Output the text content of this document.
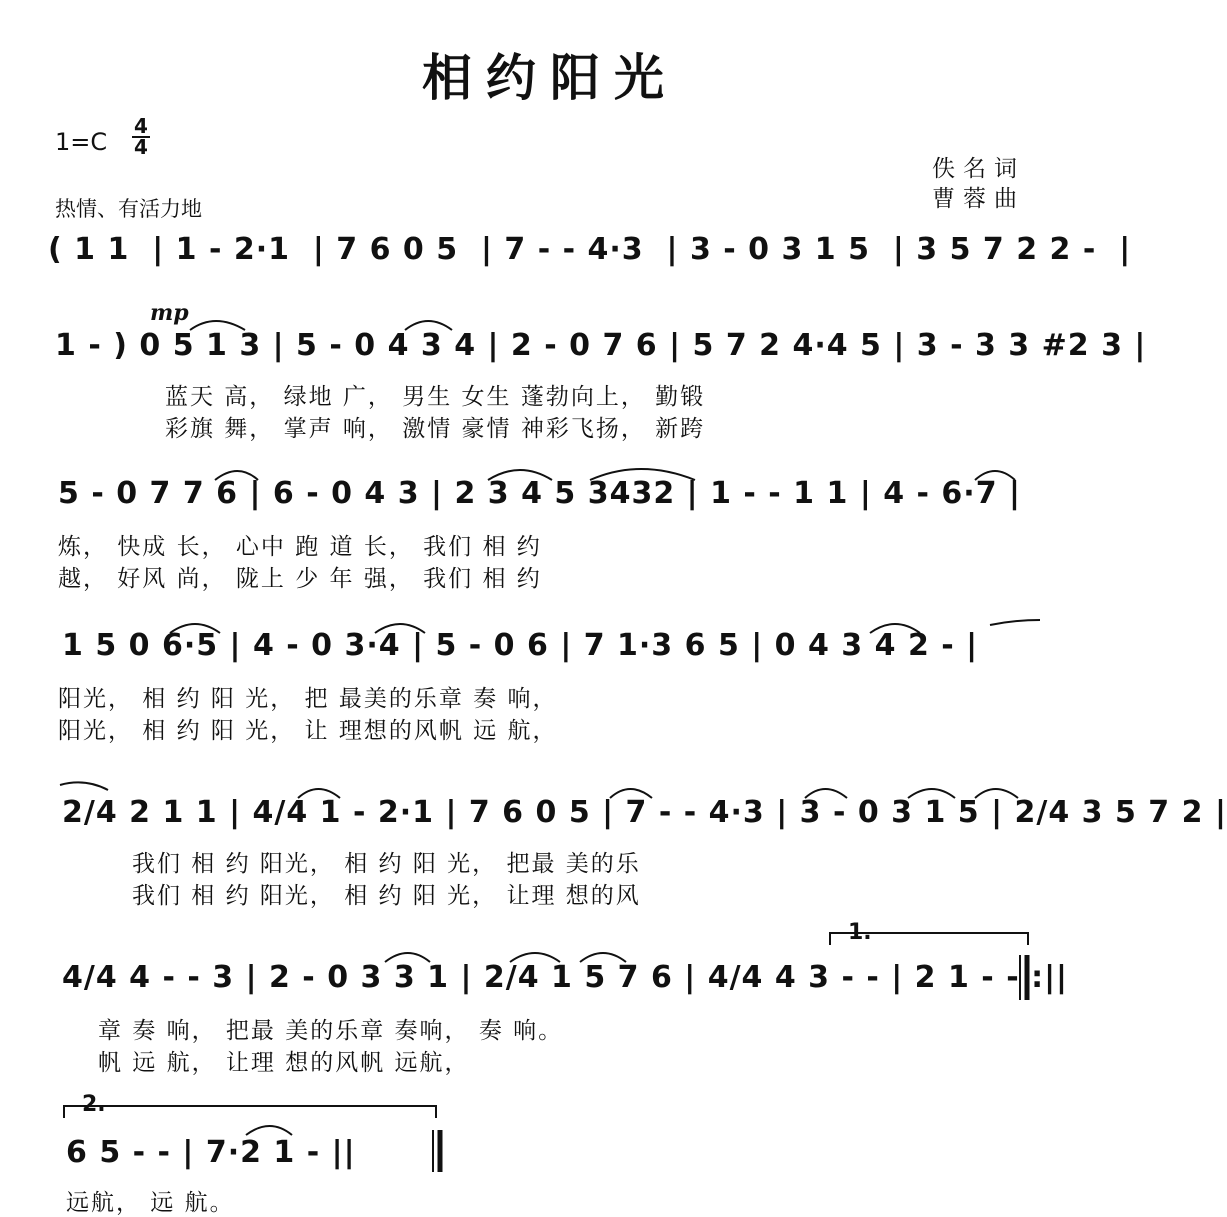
相约阳光
1=C
4
4
热情、有活力地
佚名词
曹蓉曲
mp
1.
2.
( 1 1  | 1 - 2·1  | 7 6 0 5  | 7 - - 4·3  | 3 - 0 3 1 5  | 3 5 7 2 2 -  |
1 - ) 0 5 1 3 | 5 - 0 4 3 4 | 2 - 0 7 6 | 5 7 2 4·4 5 | 3 - 3 3 #2 3 |
蓝天 高， 绿地 广， 男生 女生 蓬勃向上， 勤锻
彩旗 舞， 掌声 响， 激情 豪情 神彩飞扬， 新跨
5 - 0 7 7 6 | 6 - 0 4 3 | 2 3 4 5 3432 | 1 - - 1 1 | 4 - 6·7 |
炼， 快成 长， 心中 跑 道 长， 我们 相 约
越， 好风 尚， 陇上 少 年 强， 我们 相 约
1 5 0 6·5 | 4 - 0 3·4 | 5 - 0 6 | 7 1·3 6 5 | 0 4 3 4 2 - |
阳光， 相 约 阳 光， 把 最美的乐章 奏 响，
阳光， 相 约 阳 光， 让 理想的风帆 远 航，
2/4 2 1 1 | 4/4 1 - 2·1 | 7 6 0 5 | 7 - - 4·3 | 3 - 0 3 1 5 | 2/4 3 5 7 2 |
我们 相 约 阳光， 相 约 阳 光， 把最 美的乐
我们 相 约 阳光， 相 约 阳 光， 让理 想的风
4/4 4 - - 3 | 2 - 0 3 3 1 | 2/4 1 5 7 6 | 4/4 4 3 - - | 2 1 - - :||
章 奏 响， 把最 美的乐章 奏响， 奏 响。
帆 远 航， 让理 想的风帆 远航，
6 5 - - | 7·2 1 - ||
远航， 远 航。
